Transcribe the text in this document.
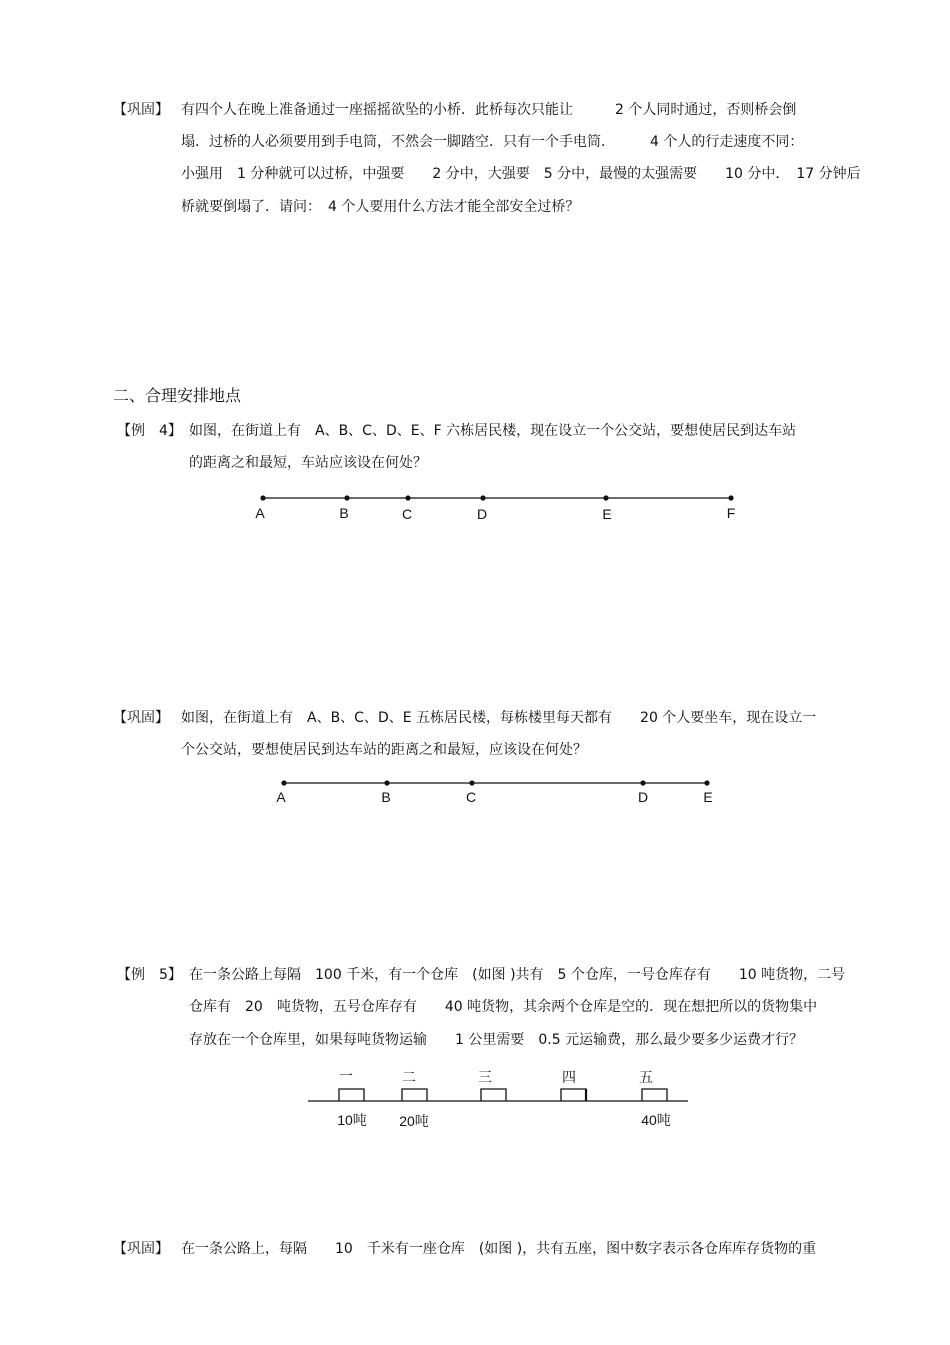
【巩固】 有四个人在晚上准备通过一座摇摇欲坠的小桥．此桥每次只能让　　　2 个人同时通过，否则桥会倒
塌．过桥的人必须要用到手电筒，不然会一脚踏空．只有一个手电筒．　　　4 个人的行走速度不同：
小强用　1 分种就可以过桥，中强要　　2 分中，大强要　5 分中，最慢的太强需要　　10 分中．　17 分钟后
桥就要倒塌了．请问：　4 个人要用什么方法才能全部安全过桥？
二、合理安排地点
【例　4】 如图，在街道上有　A、B、C、D、E、F 六栋居民楼，现在设立一个公交站，要想使居民到达车站
的距离之和最短，车站应该设在何处？
A	B	C	D	E	F
A	B	C	D	E
一	二	三	四	五
10吨 20吨	40吨
【巩固】 如图，在街道上有　A、B、C、D、E 五栋居民楼，每栋楼里每天都有　　20 个人要坐车，现在设立一
个公交站，要想使居民到达车站的距离之和最短，应该设在何处？
【例　5】 在一条公路上每隔　100 千米，有一个仓库　(如图 )共有　5 个仓库，一号仓库存有　　10 吨货物，二号
仓库有　20　吨货物，五号仓库存有　　40 吨货物，其余两个仓库是空的．现在想把所以的货物集中
存放在一个仓库里，如果每吨货物运输　　1 公里需要　0.5 元运输费，那么最少要多少运费才行？
【巩固】 在一条公路上，每隔　　10　千米有一座仓库　(如图 )，共有五座，图中数字表示各仓库库存货物的重
